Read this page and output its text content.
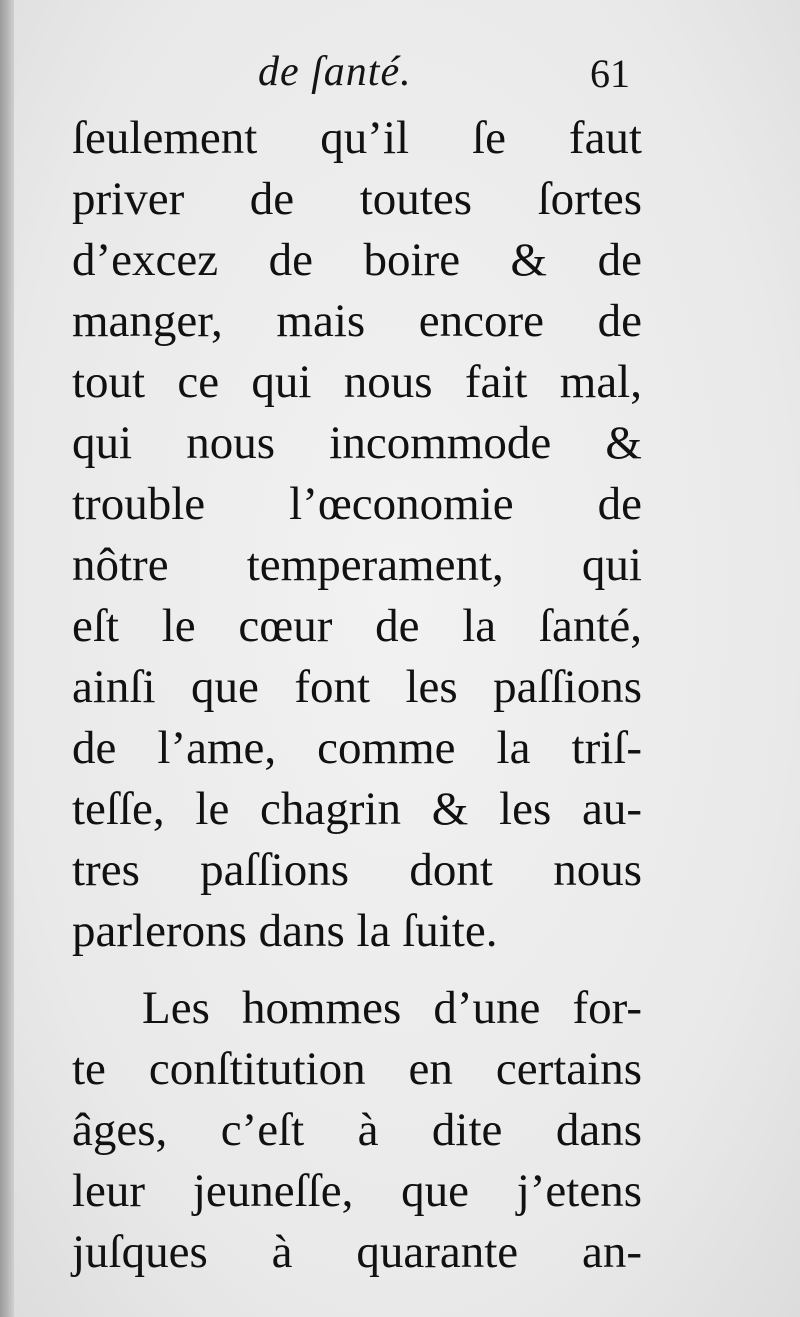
de ſanté.	61
ſeulement qu’il ſe faut
priver de toutes ſortes
d’excez de boire & de
manger, mais encore de
tout ce qui nous fait mal,
qui nous incommode &
trouble l’œconomie de
nôtre temperament, qui
eſt le cœur de la ſanté,
ainſi que font les paſſions
de l’ame, comme la triſ-
teſſe, le chagrin & les au-
tres paſſions dont nous
parlerons dans la ſuite.
Les hommes d’une for-
te conſtitution en certains
âges, c’eſt à dite dans
leur jeuneſſe, que j’etens
juſques à quarante an-
